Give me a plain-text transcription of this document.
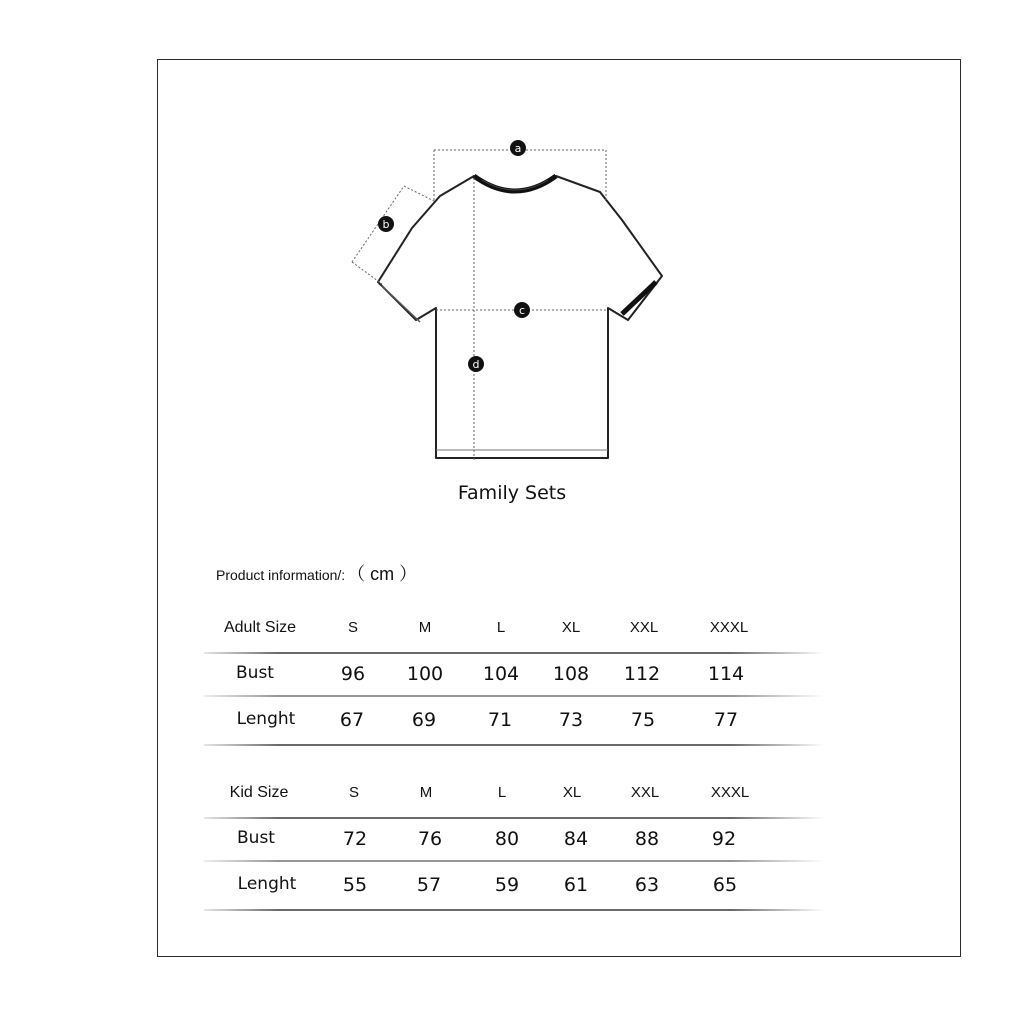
a
b
c
d
Family Sets
Product information/: （ cm ）
Adult Size	S	M	L	XL	XXL	XXXL
Bust	96 100 104 108 112	114
Lenght 67	69	71 73	75	77
Kid Size	S	M	L	XL	XXL	XXXL
Bust	72	76	80 84 88	92
Lenght 55	57	59 61 63	65
